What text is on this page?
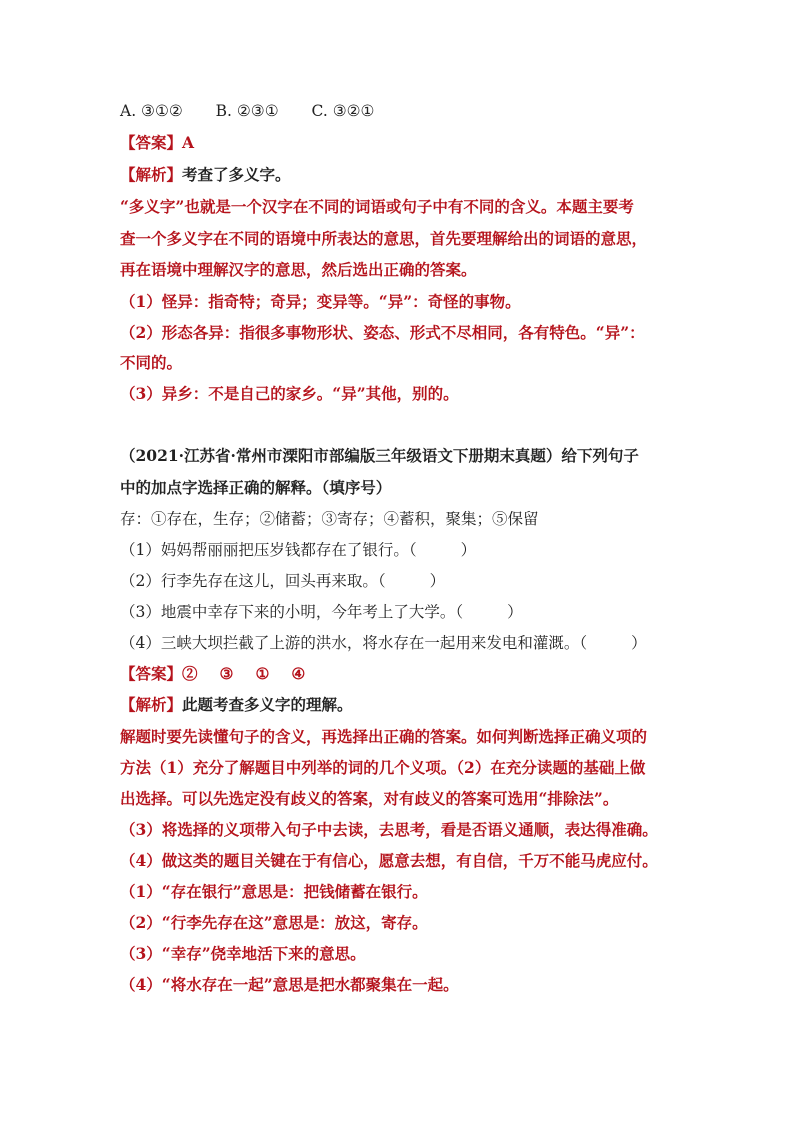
A. ③①② B. ②③① C. ③②①
【答案】A
【解析】考查了多义字。
“多义字”也就是一个汉字在不同的词语或句子中有不同的含义。本题主要考
查一个多义字在不同的语境中所表达的意思，首先要理解给出的词语的意思，
再在语境中理解汉字的意思，然后选出正确的答案。
（1）怪异：指奇特；奇异；变异等。“异”：奇怪的事物。
（2）形态各异：指很多事物形状、姿态、形式不尽相同，各有特色。“异”：
不同的。
（3）异乡：不是自己的家乡。“异”其他，别的。
（2021·江苏省·常州市溧阳市部编版三年级语文下册期末真题）给下列句子
中的加点字选择正确的解释。（填序号）
存：①存在，生存；②储蓄；③寄存；④蓄积，聚集；⑤保留
（1）妈妈帮丽丽把压岁钱都存在了银行。（	）
（2）行李先存在这儿，回头再来取。（	）
（3）地震中幸存下来的小明，今年考上了大学。（	）
（4）三峡大坝拦截了上游的洪水，将水存在一起用来发电和灌溉。（	）
【答案】② ③ ① ④
【解析】此题考查多义字的理解。
解题时要先读懂句子的含义，再选择出正确的答案。如何判断选择正确义项的
方法（1）充分了解题目中列举的词的几个义项。（2）在充分读题的基础上做
出选择。可以先选定没有歧义的答案，对有歧义的答案可选用“排除法”。
（3）将选择的义项带入句子中去读，去思考，看是否语义通顺，表达得准确。
（4）做这类的题目关键在于有信心，愿意去想，有自信，千万不能马虎应付。
（1）“存在银行”意思是：把钱储蓄在银行。
（2）“行李先存在这”意思是：放这，寄存。
（3）“幸存”侥幸地活下来的意思。
（4）“将水存在一起”意思是把水都聚集在一起。
